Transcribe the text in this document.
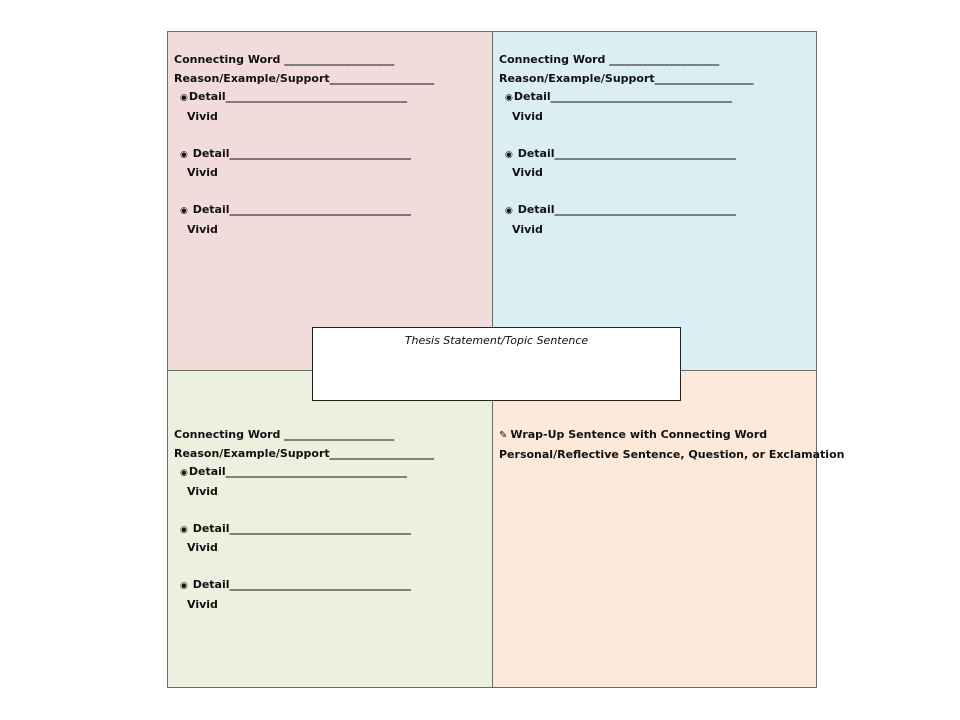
Connecting Word ____________________
Reason/Example/Support___________________
◉Detail_________________________________
Vivid
◉ Detail_________________________________
Vivid
◉ Detail_________________________________
Vivid
Connecting Word ____________________
Reason/Example/Support__________________
◉Detail_________________________________
Vivid
◉ Detail_________________________________
Vivid
◉ Detail_________________________________
Vivid
Connecting Word ____________________
Reason/Example/Support___________________
◉Detail_________________________________
Vivid
◉ Detail_________________________________
Vivid
◉ Detail_________________________________
Vivid
✎ Wrap-Up Sentence with Connecting Word
Personal/Reflective Sentence, Question, or Exclamation
Thesis Statement/Topic Sentence
